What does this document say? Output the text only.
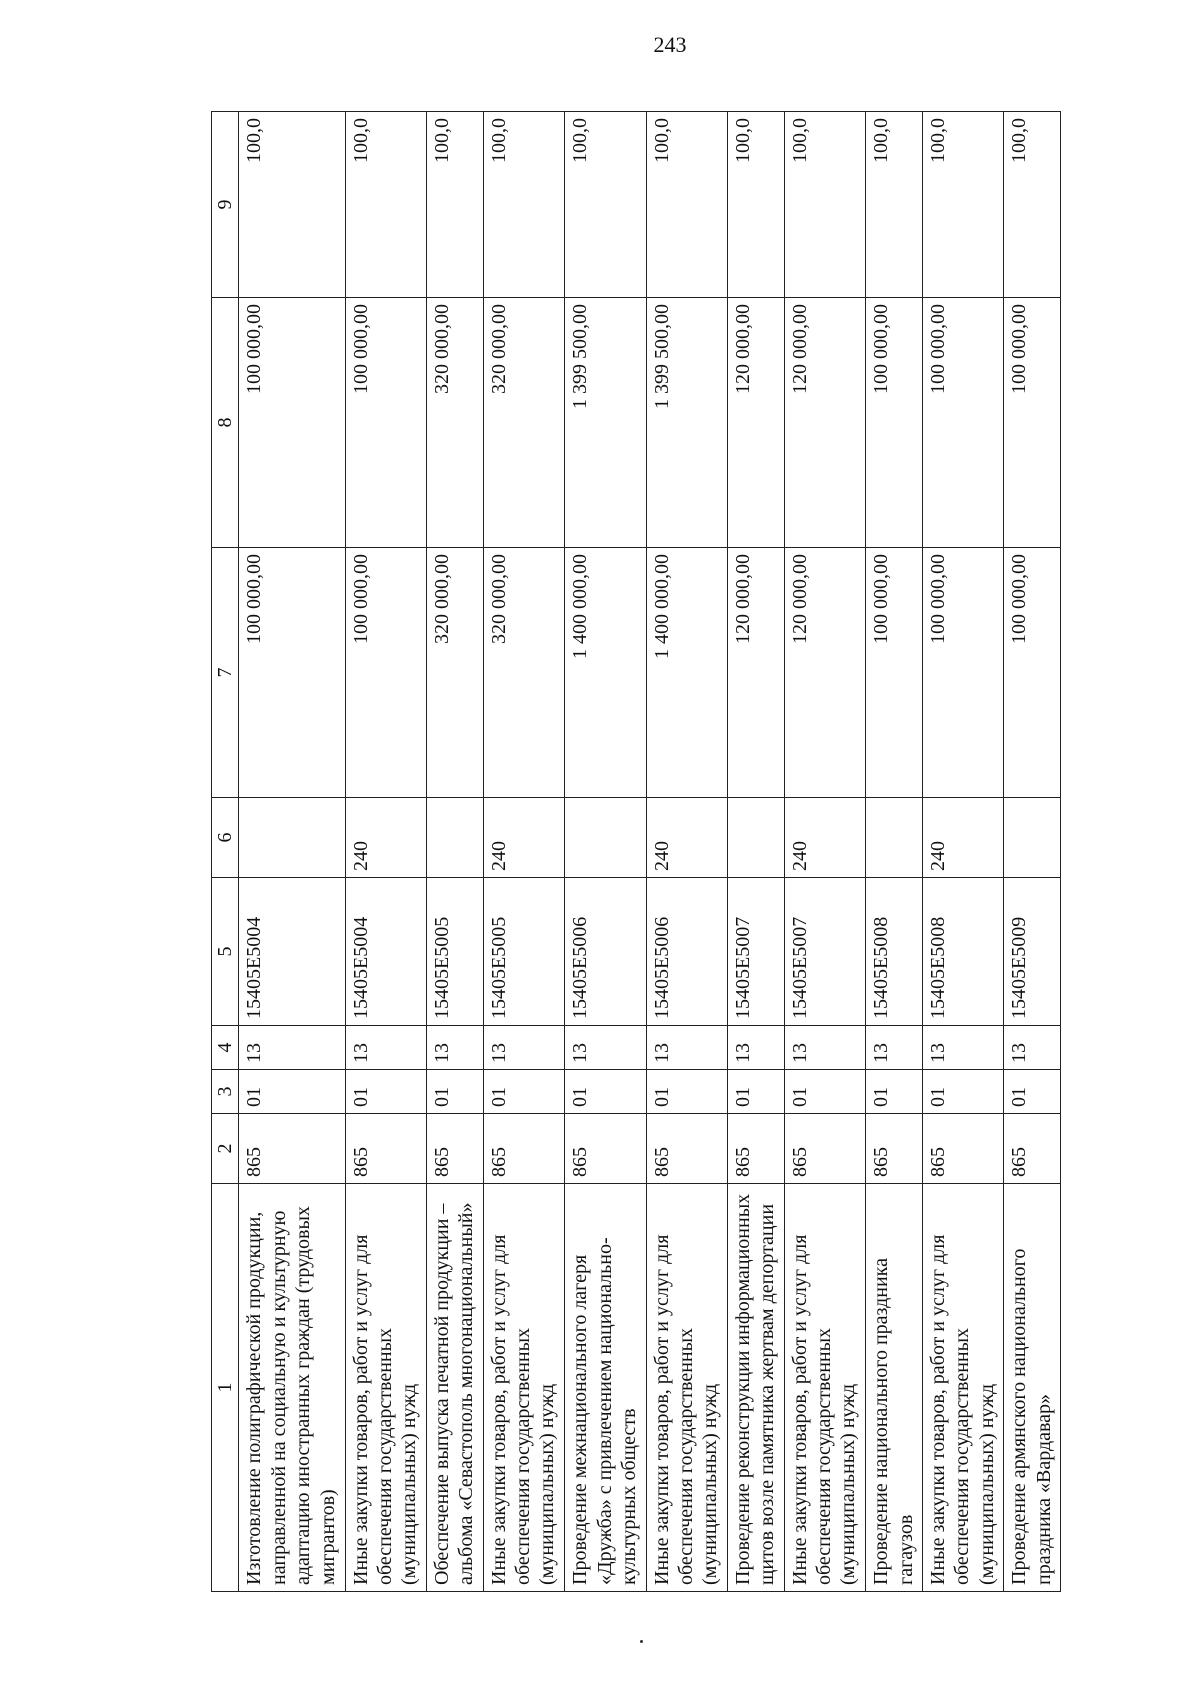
243
1	2	3	4	5	6	7	8	9
Изготовление полиграфической продукции, направленной на социальную и культурную адаптацию иностранных граждан (трудовых мигрантов)	865	01	13	15405E5004		100 000,00	100 000,00	100,0
Иные закупки товаров, работ и услуг для обеспечения государственных (муниципальных) нужд	865	01	13	15405E5004	240	100 000,00	100 000,00	100,0
Обеспечение выпуска печатной продукции – альбома «Севастополь многонациональный»	865	01	13	15405E5005		320 000,00	320 000,00	100,0
Иные закупки товаров, работ и услуг для обеспечения государственных (муниципальных) нужд	865	01	13	15405E5005	240	320 000,00	320 000,00	100,0
Проведение межнационального лагеря «Дружба» с привлечением национально-культурных обществ	865	01	13	15405E5006		1 400 000,00	1 399 500,00	100,0
Иные закупки товаров, работ и услуг для обеспечения государственных (муниципальных) нужд	865	01	13	15405E5006	240	1 400 000,00	1 399 500,00	100,0
Проведение реконструкции информационных щитов возле памятника жертвам депортации	865	01	13	15405E5007		120 000,00	120 000,00	100,0
Иные закупки товаров, работ и услуг для обеспечения государственных (муниципальных) нужд	865	01	13	15405E5007	240	120 000,00	120 000,00	100,0
Проведение национального праздника гагаузов	865	01	13	15405E5008		100 000,00	100 000,00	100,0
Иные закупки товаров, работ и услуг для обеспечения государственных (муниципальных) нужд	865	01	13	15405E5008	240	100 000,00	100 000,00	100,0
Проведение армянского национального праздника «Вардавар»	865	01	13	15405E5009		100 000,00	100 000,00	100,0
